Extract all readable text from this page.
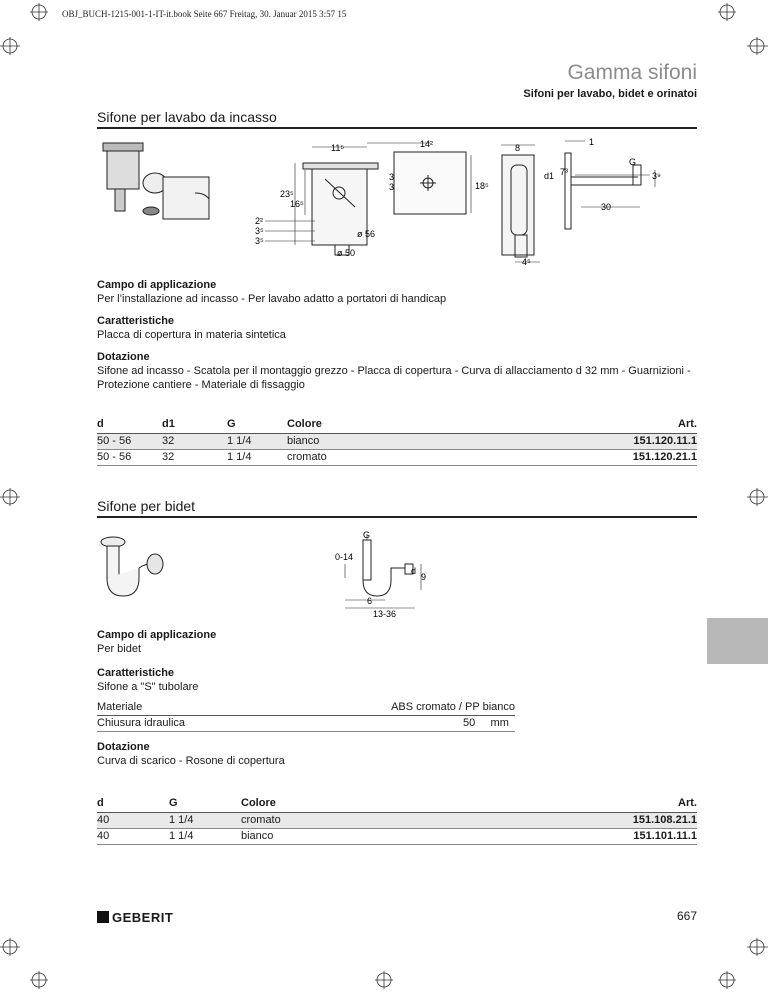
OBJ_BUCH-1215-001-1-IT-it.book Seite 667 Freitag, 30. Januar 2015 3:57 15
Gamma sifoni
Sifoni per lavabo, bidet e orinatoi
Sifone per lavabo da incasso
11⁵	14²	8
1
G
7³
d1
3
3	18⁵
23⁵
16⁵
2²
3⁵
3⁵
ø 56
ø 50
4⁵
3⁹
30
Campo di applicazione
Per l’installazione ad incasso - Per lavabo adatto a portatori di handicap
Caratteristiche
Placca di copertura in materia sintetica
Dotazione
Sifone ad incasso - Scatola per il montaggio grezzo - Placca di copertura - Curva di allacciamento d 32 mm - Guarnizioni - Protezione cantiere - Materiale di fissaggio
d	d1	G	Colore	Art.
50 - 56	32	1 1/4	bianco	151.120.11.1
50 - 56	32	1 1/4	cromato	151.120.21.1
Sifone per bidet
G
0-14
d
9
6
13-36
Campo di applicazione
Per bidet
Caratteristiche
Sifone a "S" tubolare
Materiale	ABS cromato / PP bianco
Chiusura idraulica	50 mm
Dotazione
Curva di scarico - Rosone di copertura
d	G	Colore	Art.
40	1 1/4	cromato	151.108.21.1
40	1 1/4	bianco	151.101.11.1
GEBERIT	667
